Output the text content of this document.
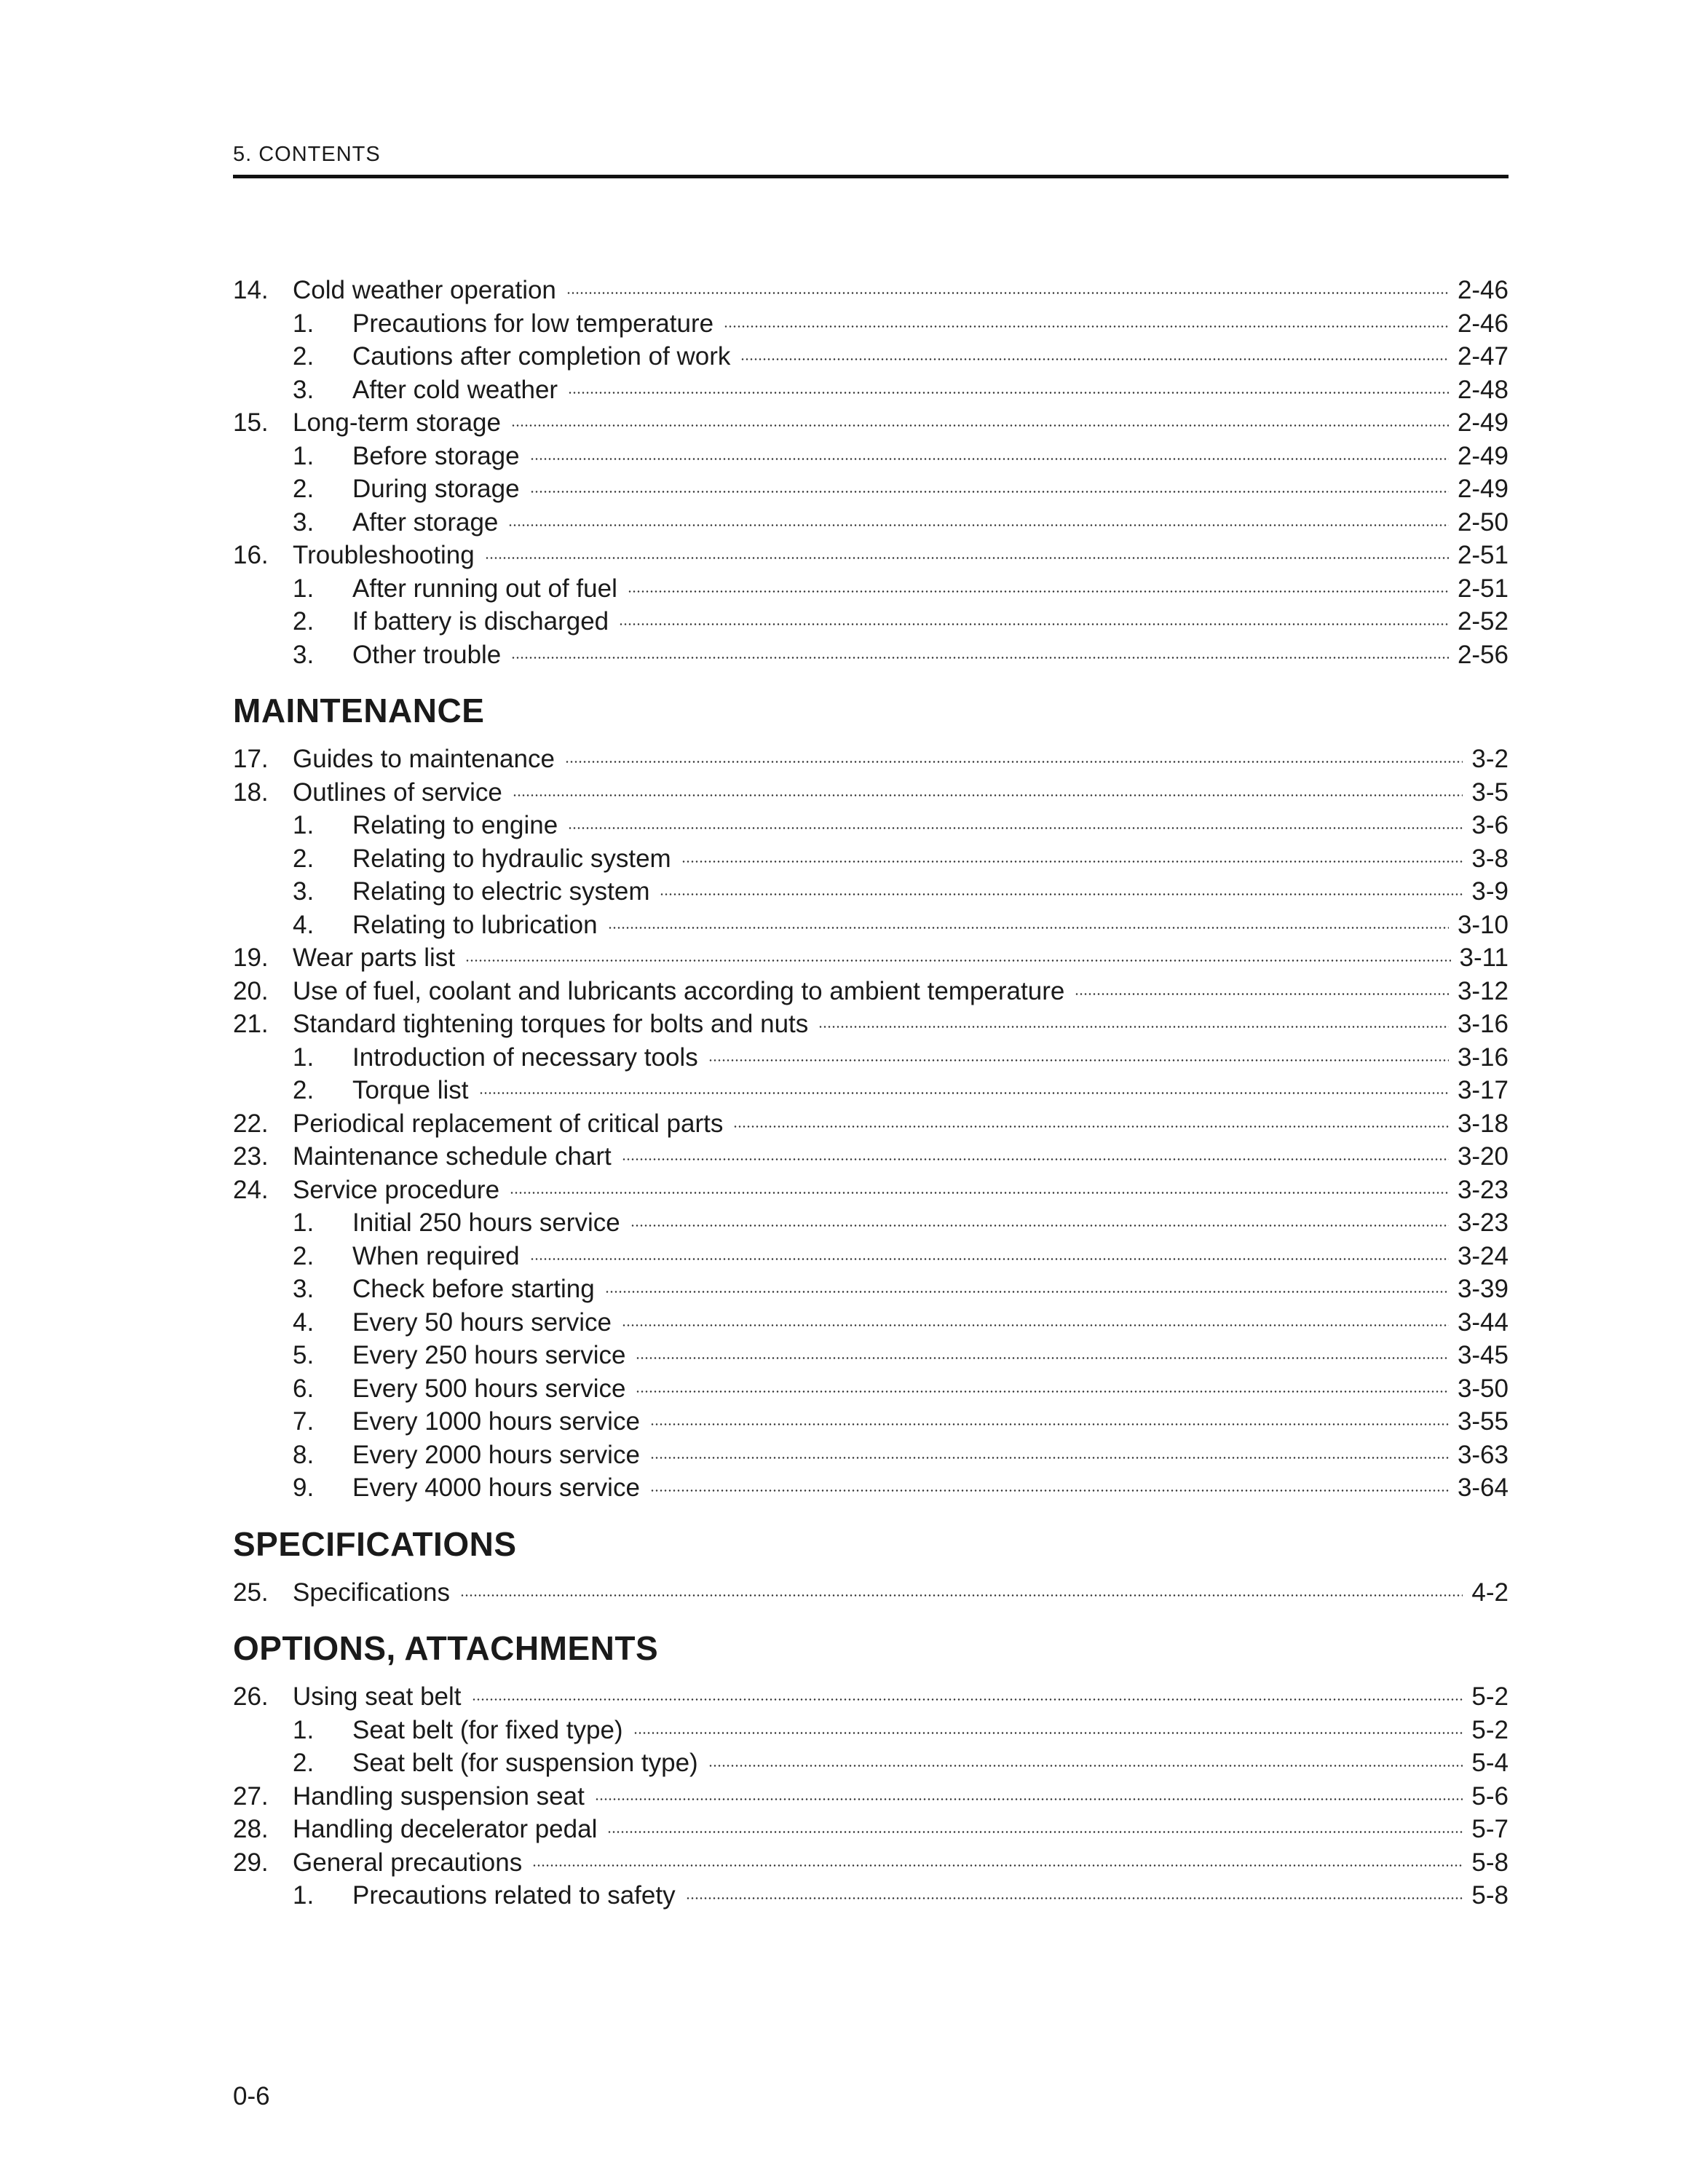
5. CONTENTS
14. Cold weather operation	2-46
1.	Precautions for low temperature	2-46
2.	Cautions after completion of work	2-47
3.	After cold weather	2-48
15. Long-term storage	2-49
1.	Before storage	2-49
2.	During storage	2-49
3.	After storage	2-50
16. Troubleshooting	2-51
1.	After running out of fuel	2-51
2.	If battery is discharged	2-52
3.	Other trouble	2-56
MAINTENANCE
17. Guides to maintenance	3-2
18. Outlines of service	3-5
1.	Relating to engine	3-6
2.	Relating to hydraulic system	3-8
3.	Relating to electric system	3-9
4.	Relating to lubrication	3-10
19. Wear parts list	3-11
20. Use of fuel, coolant and lubricants according to ambient temperature	3-12
21. Standard tightening torques for bolts and nuts	3-16
1.	Introduction of necessary tools	3-16
2.	Torque list	3-17
22. Periodical replacement of critical parts	3-18
23. Maintenance schedule chart	3-20
24. Service procedure	3-23
1.	Initial 250 hours service	3-23
2.	When required	3-24
3.	Check before starting	3-39
4.	Every 50 hours service	3-44
5.	Every 250 hours service	3-45
6.	Every 500 hours service	3-50
7.	Every 1000 hours service	3-55
8.	Every 2000 hours service	3-63
9.	Every 4000 hours service	3-64
SPECIFICATIONS
25. Specifications	4-2
OPTIONS, ATTACHMENTS
26. Using seat belt	5-2
1.	Seat belt (for fixed type)	5-2
2.	Seat belt (for suspension type)	5-4
27. Handling suspension seat	5-6
28. Handling decelerator pedal	5-7
29. General precautions	5-8
1.	Precautions related to safety	5-8
0-6
